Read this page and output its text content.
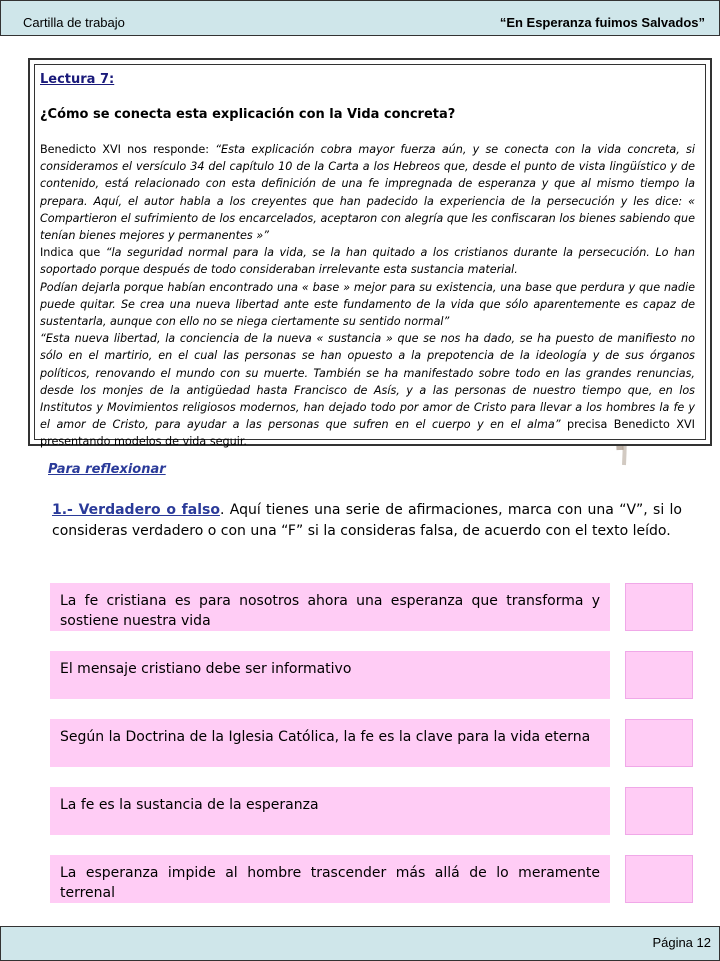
Cartilla de trabajo	“En Esperanza fuimos Salvados”
Lectura 7:
¿Cómo se conecta esta explicación con la Vida concreta?

Benedicto XVI nos responde: “Esta explicación cobra mayor fuerza aún, y se conecta con la vida concreta, si consideramos el versículo 34 del capítulo 10 de la Carta a los Hebreos que, desde el punto de vista lingüístico y de contenido, está relacionado con esta definición de una fe impregnada de esperanza y que al mismo tiempo la prepara. Aquí, el autor habla a los creyentes que han padecido la experiencia de la persecución y les dice: « Compartieron el sufrimiento de los encarcelados, aceptaron con alegría que les confiscaran los bienes sabiendo que tenían bienes mejores y permanentes »”

Indica que “la seguridad normal para la vida, se la han quitado a los cristianos durante la persecución. Lo han soportado porque después de todo consideraban irrelevante esta sustancia material.

Podían dejarla porque habían encontrado una « base » mejor para su existencia, una base que perdura y que nadie puede quitar. Se crea una nueva libertad ante este fundamento de la vida que sólo aparentemente es capaz de sustentarla, aunque con ello no se niega ciertamente su sentido normal”

“Esta nueva libertad, la conciencia de la nueva « sustancia » que se nos ha dado, se ha puesto de manifiesto no sólo en el martirio, en el cual las personas se han opuesto a la prepotencia de la ideología y de sus órganos políticos, renovando el mundo con su muerte. También se ha manifestado sobre todo en las grandes renuncias, desde los monjes de la antigüedad hasta Francisco de Asís, y a las personas de nuestro tiempo que, en los Institutos y Movimientos religiosos modernos, han dejado todo por amor de Cristo para llevar a los hombres la fe y el amor de Cristo, para ayudar a las personas que sufren en el cuerpo y en el alma” precisa Benedicto XVI presentando modelos de vida seguir.

Para reflexionar
1.- Verdadero o falso. Aquí tienes una serie de afirmaciones, marca con una “V”, si lo consideras verdadero o con una “F” si la consideras falsa, de acuerdo con el texto leído.
La fe cristiana es para nosotros ahora una esperanza que transforma y sostiene nuestra vida
El mensaje cristiano debe ser informativo
Según la Doctrina de la Iglesia Católica, la fe es la clave para la vida eterna
La fe es la sustancia de la esperanza
La esperanza impide al hombre trascender más allá de lo meramente terrenal
Página 12
